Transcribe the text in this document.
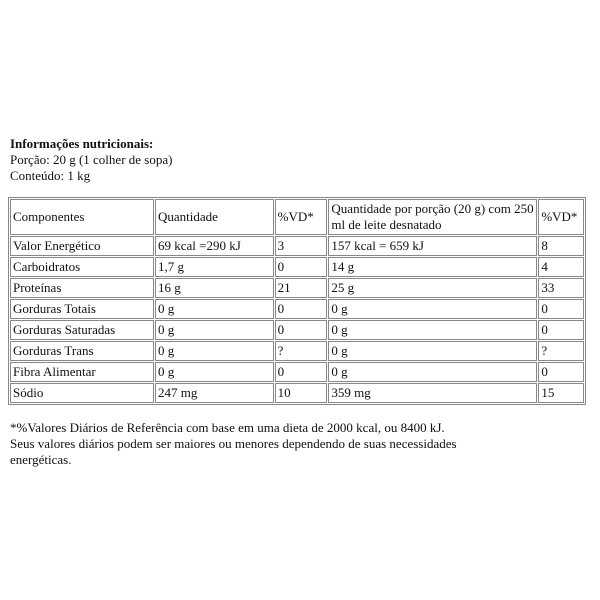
Informações nutricionais:
Porção: 20 g (1 colher de sopa)
Conteúdo: 1 kg
Componentes	Quantidade	%VD*	Quantidade por porção (20 g) com 250 ml de leite desnatado	%VD*
Valor Energético	69 kcal =290 kJ	3	157 kcal = 659 kJ	8
Carboidratos	1,7 g	0	14 g	4
Proteínas	16 g	21	25 g	33
Gorduras Totais	0 g	0	0 g	0
Gorduras Saturadas	0 g	0	0 g	0
Gorduras Trans	0 g	?	0 g	?
Fibra Alimentar	0 g	0	0 g	0
Sódio	247 mg	10	359 mg	15
*%Valores Diários de Referência com base em uma dieta de 2000 kcal, ou 8400 kJ.
Seus valores diários podem ser maiores ou menores dependendo de suas necessidades energéticas.
